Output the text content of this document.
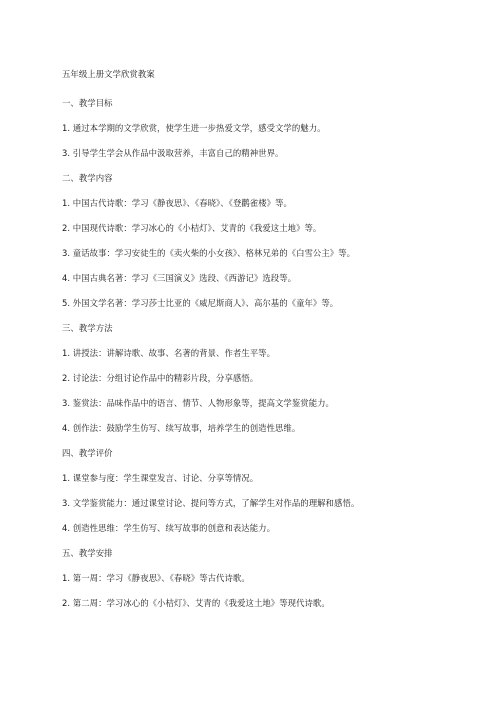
五年级上册文学欣赏教案
一、教学目标
1. 通过本学期的文学欣赏，使学生进一步热爱文学，感受文学的魅力。
3. 引导学生学会从作品中汲取营养，丰富自己的精神世界。
二、教学内容
1. 中国古代诗歌：学习《静夜思》、《春晓》、《登鹳雀楼》等。
2. 中国现代诗歌：学习冰心的《小桔灯》、艾青的《我爱这土地》等。
3. 童话故事：学习安徒生的《卖火柴的小女孩》、格林兄弟的《白雪公主》等。
4. 中国古典名著：学习《三国演义》选段、《西游记》选段等。
5. 外国文学名著：学习莎士比亚的《威尼斯商人》、高尔基的《童年》等。
三、教学方法
1. 讲授法：讲解诗歌、故事、名著的背景、作者生平等。
2. 讨论法：分组讨论作品中的精彩片段，分享感悟。
3. 鉴赏法：品味作品中的语言、情节、人物形象等，提高文学鉴赏能力。
4. 创作法：鼓励学生仿写、续写故事，培养学生的创造性思维。
四、教学评价
1. 课堂参与度：学生课堂发言、讨论、分享等情况。
3. 文学鉴赏能力：通过课堂讨论、提问等方式，了解学生对作品的理解和感悟。
4. 创造性思维：学生仿写、续写故事的创意和表达能力。
五、教学安排
1. 第一周：学习《静夜思》、《春晓》等古代诗歌。
2. 第二周：学习冰心的《小桔灯》、艾青的《我爱这土地》等现代诗歌。
